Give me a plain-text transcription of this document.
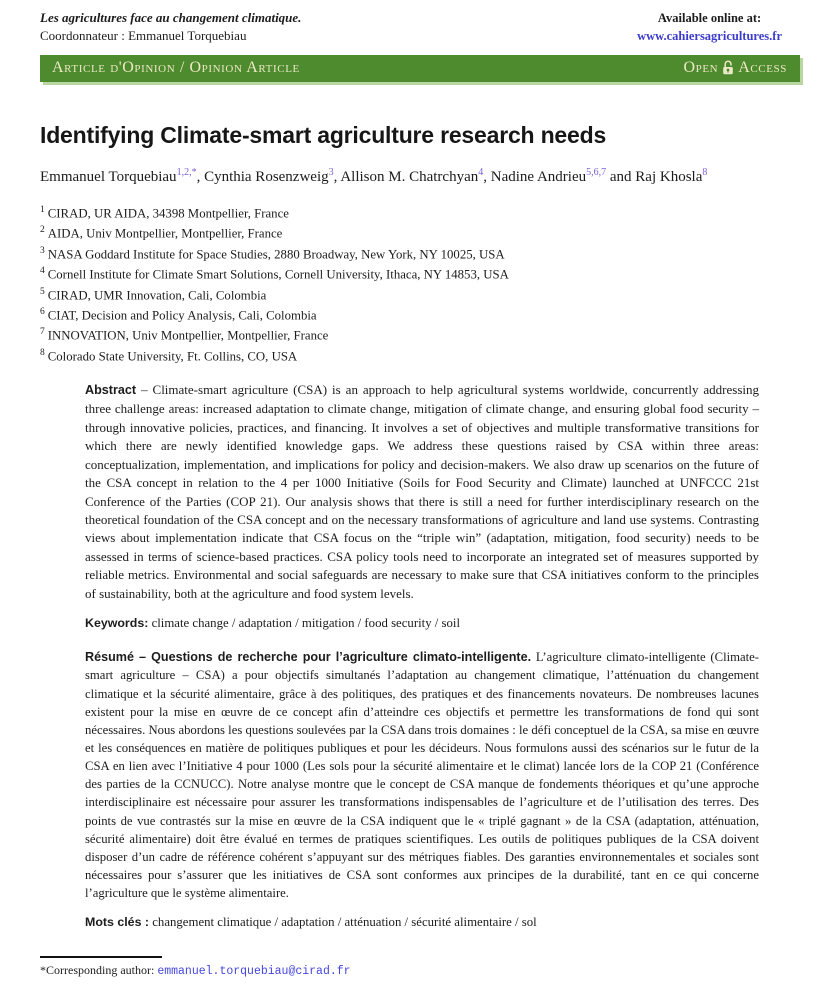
Les agricultures face au changement climatique.
Coordonnateur : Emmanuel Torquebiau
Available online at:
www.cahiersagricultures.fr
Article d'Opinion / Opinion Article	Open Access
Identifying Climate-smart agriculture research needs
Emmanuel Torquebiau$^{1,2,*}$, Cynthia Rosenzweig$^3$, Allison M. Chatrchyan$^4$, Nadine Andrieu$^{5,6,7}$ and Raj Khosla$^8$
$^1$ CIRAD, UR AIDA, 34398 Montpellier, France
$^2$ AIDA, Univ Montpellier, Montpellier, France
$^3$ NASA Goddard Institute for Space Studies, 2880 Broadway, New York, NY 10025, USA
$^4$ Cornell Institute for Climate Smart Solutions, Cornell University, Ithaca, NY 14853, USA
$^5$ CIRAD, UMR Innovation, Cali, Colombia
$^6$ CIAT, Decision and Policy Analysis, Cali, Colombia
$^7$ INNOVATION, Univ Montpellier, Montpellier, France
$^8$ Colorado State University, Ft. Collins, CO, USA

Abstract – Climate-smart agriculture (CSA) is an approach to help agricultural systems worldwide, concurrently addressing three challenge areas: increased adaptation to climate change, mitigation of climate change, and ensuring global food security – through innovative policies, practices, and financing. It involves a set of objectives and multiple transformative transitions for which there are newly identified knowledge gaps. We address these questions raised by CSA within three areas: conceptualization, implementation, and implications for policy and decision-makers. We also draw up scenarios on the future of the CSA concept in relation to the 4 per 1000 Initiative (Soils for Food Security and Climate) launched at UNFCCC 21st Conference of the Parties (COP 21). Our analysis shows that there is still a need for further interdisciplinary research on the theoretical foundation of the CSA concept and on the necessary transformations of agriculture and land use systems. Contrasting views about implementation indicate that CSA focus on the “triple win” (adaptation, mitigation, food security) needs to be assessed in terms of science-based practices. CSA policy tools need to incorporate an integrated set of measures supported by reliable metrics. Environmental and social safeguards are necessary to make sure that CSA initiatives conform to the principles of sustainability, both at the agriculture and food system levels.

Keywords: climate change / adaptation / mitigation / food security / soil

Résumé – Questions de recherche pour l’agriculture climato-intelligente. L’agriculture climato-intelligente (Climate-smart agriculture – CSA) a pour objectifs simultanés l’adaptation au changement climatique, l’atténuation du changement climatique et la sécurité alimentaire, grâce à des politiques, des pratiques et des financements novateurs. De nombreuses lacunes existent pour la mise en œuvre de ce concept afin d’atteindre ces objectifs et permettre les transformations de fond qui sont nécessaires. Nous abordons les questions soulevées par la CSA dans trois domaines : le défi conceptuel de la CSA, sa mise en œuvre et les conséquences en matière de politiques publiques et pour les décideurs. Nous formulons aussi des scénarios sur le futur de la CSA en lien avec l’Initiative 4 pour 1000 (Les sols pour la sécurité alimentaire et le climat) lancée lors de la COP 21 (Conférence des parties de la CCNUCC). Notre analyse montre que le concept de CSA manque de fondements théoriques et qu’une approche interdisciplinaire est nécessaire pour assurer les transformations indispensables de l’agriculture et de l’utilisation des terres. Des points de vue contrastés sur la mise en œuvre de la CSA indiquent que le « triplé gagnant » de la CSA (adaptation, atténuation, sécurité alimentaire) doit être évalué en termes de pratiques scientifiques. Les outils de politiques publiques de la CSA doivent disposer d’un cadre de référence cohérent s’appuyant sur des métriques fiables. Des garanties environnementales et sociales sont nécessaires pour s’assurer que les initiatives de CSA sont conformes aux principes de la durabilité, tant en ce qui concerne l’agriculture que le système alimentaire.

Mots clés : changement climatique / adaptation / atténuation / sécurité alimentaire / sol

*Corresponding author: emmanuel.torquebiau@cirad.fr
